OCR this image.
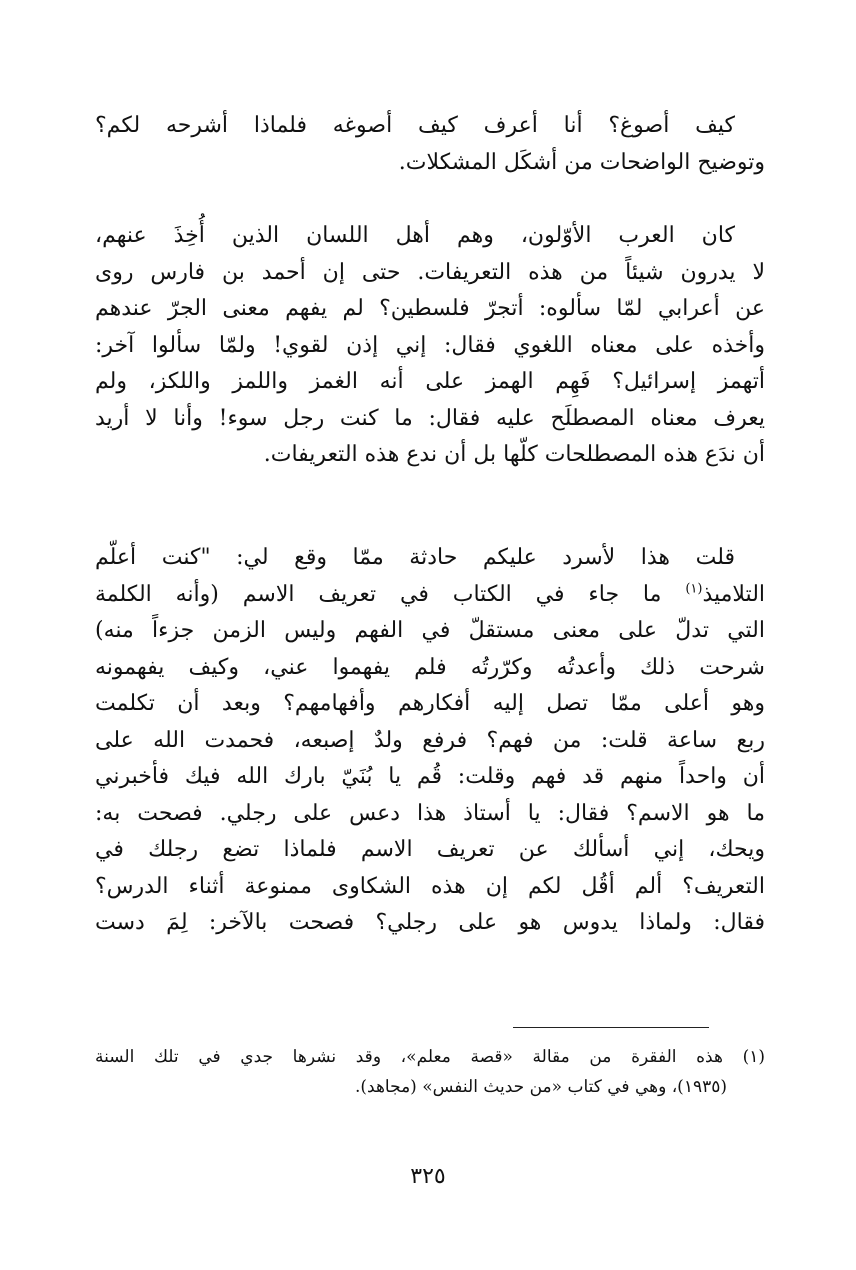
كيف أصوغ؟ أنا أعرف كيف أصوغه فلماذا أشرحه لكم؟
وتوضيح الواضحات من أشكَل المشكلات.
كان العرب الأوّلون، وهم أهل اللسان الذين أُخِذَ عنهم،
لا يدرون شيئاً من هذه التعريفات. حتى إن أحمد بن فارس روى
عن أعرابي لمّا سألوه: أتجرّ فلسطين؟ لم يفهم معنى الجرّ عندهم
وأخذه على معناه اللغوي فقال: إني إذن لقوي! ولمّا سألوا آخر:
أتهمز إسرائيل؟ فَهِم الهمز على أنه الغمز واللمز واللكز، ولم
يعرف معناه المصطلَح عليه فقال: ما كنت رجل سوء! وأنا لا أريد
أن ندَع هذه المصطلحات كلّها بل أن ندع هذه التعريفات.
قلت هذا لأسرد عليكم حادثة ممّا وقع لي: "كنت أعلّم
التلاميذ$^{(١)}$ ما جاء في الكتاب في تعريف الاسم (وأنه الكلمة
التي تدلّ على معنى مستقلّ في الفهم وليس الزمن جزءاً منه)
شرحت ذلك وأعدتُه وكرّرتُه فلم يفهموا عني، وكيف يفهمونه
وهو أعلى ممّا تصل إليه أفكارهم وأفهامهم؟ وبعد أن تكلمت
ربع ساعة قلت: من فهم؟ فرفع ولدٌ إصبعه، فحمدت الله على
أن واحداً منهم قد فهم وقلت: قُم يا بُنَيّ بارك الله فيك فأخبرني
ما هو الاسم؟ فقال: يا أستاذ هذا دعس على رجلي. فصحت به:
ويحك، إني أسألك عن تعريف الاسم فلماذا تضع رجلك في
التعريف؟ ألم أقُل لكم إن هذه الشكاوى ممنوعة أثناء الدرس؟
فقال: ولماذا يدوس هو على رجلي؟ فصحت بالآخر: لِمَ دست
(١) هذه الفقرة من مقالة «قصة معلم»، وقد نشرها جدي في تلك السنة
(١٩٣٥)، وهي في كتاب «من حديث النفس» (مجاهد).
٣٢٥
